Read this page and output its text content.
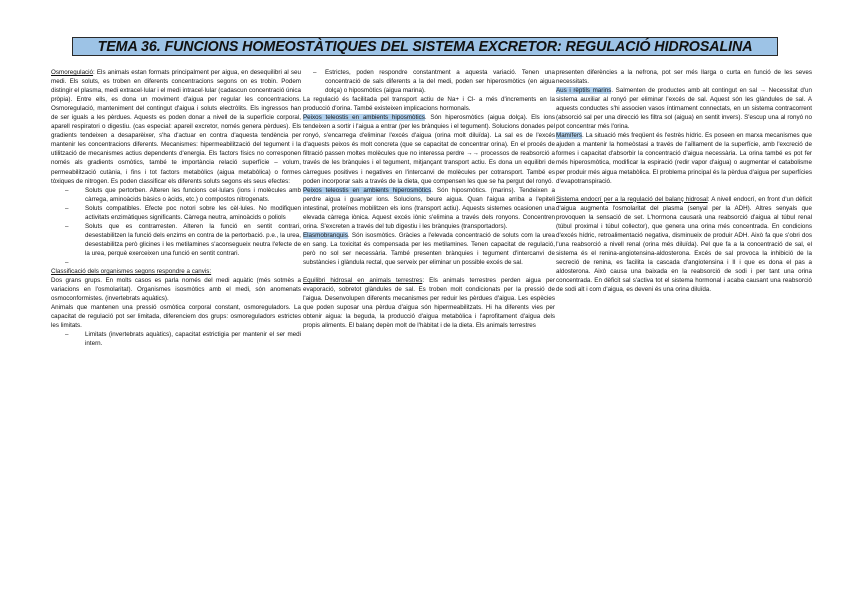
TEMA 36. FUNCIONS HOMEOSTÀTIQUES DEL SISTEMA EXCRETOR: REGULACIÓ HIDROSALINA

Osmoregulació: Els animals estan formats principalment per aigua, en desequilibri al seu medi. Els soluts, es troben en diferents concentracions segons on es trobin. Podem distingir el plasma, medi extracel·lular i el medi intracel·lular (cadascun concentració única pròpia). Entre ells, es dona un moviment d'aigua per regular les concentracions. Osmoregulació, manteniment del contingut d'aigua i soluts electròlits. Els ingressos han de ser iguals a les pèrdues. Aquests es poden donar a nivell de la superfície corporal, aparell respiratori o digestiu. (cas especial: apareil excretor, només genera pèrdues). Els gradients tendeixen a desaparèixer, s'ha d'actuar en contra d'aquesta tendència per mantenir les concentracions diferents. Mecanismes: hipermeabilització del tegument i la utilització de mecanismes actius dependents d'energia. Els factors físics no corresponen només als gradients osmòtics, també te importància relació superfície – volum, permeabilització cutània, i fins i tot factors metabòlics (aigua metabòlica) o formes tòxiques de nitrogen. Es poden classificar els diferents soluts segons els seus efectes:

– Soluts que pertorben. Alteren les funcions cel·lulars (ions i molècules amb càrrega, aminoàcids bàsics o àcids, etc.) o compostos nitrogenats.
– Soluts compatibles. Efecte poc notori sobre les cèl·lules. No modifiquen activitats enzimàtiques significants. Càrrega neutra, aminoàcids o poliols
– Soluts que es contrarresten. Alteren la funció en sentit contrari, desestabilitzen la funció dels enzims en contra de la pertorbació. p.e., la urea, desestabilitza però glicines i les metilamines s'aconsegueix neutra l'efecte de la urea, perquè exerceixen una funció en sentit contrari.
–

Classificació dels organismes segons respondre a canvis:

Dos grans grups. En molts casos es parla només del medi aquàtic (més sotmès a variacions en l'osmolaritat). Organismes isosmòtics amb el medi, són anomenats osmoconformistes. (invertebrats aquàtics).

Animals que mantenen una pressió osmòtica corporal constant, osmoreguladors. La capacitat de regulació pot ser limitada, diferenciem dos grups: osmoreguladors estrictes les limitats.

– Limitats (invertebrats aquàtics), capacitat estrictigia per mantenir el ser medi intern.
– Estrictes, poden respondre constantment a aquesta variació. Tenen una concentració de sals diferents a la del medi, poden ser hiperosmòtics (en aigua dolça) o hiposmòtics (aigua marina).

La regulació és facilitada pel transport actiu de Na+ i Cl- a més d'increments en la producció d'orina. També existeixen implicacions hormonals.

Peixos teleostis en ambients hiposmòtics. Són hiperosmòtics (aigua dolça). Els ions tendeixen a sortir i l'aigua a entrar (per les brànquies i el tegument). Solucions donades pel ronyó, s'encarrega d'eliminar l'excés d'aigua (orina molt diluïda). La sal es de l'excés d'aquests peixos és molt concreta (que se capacitat de concentrar orina). En el procés de filtració passen moltes molècules que no interessa perdre →→ processos de reabsorció a través de les brànquies i el tegument, mitjançant transport actiu. Es dona un equilibri de càrregues positives i negatives en l'intercanvi de molècules per cotransport. També es poden incorporar sals a través de la dieta, que compensen les que se ha pergut del ronyó.

Peixos teleostis en ambients hiperosmòtics. Són hiposmòtics. (marins). Tendeixen a perdre aigua i guanyar ions. Solucions, beure aigua. Quan l'aigua arriba a l'epiteli intestinal, proteïnes mobilitzen els ions (transport actiu). Aquests sistemes ocasionen una elevada càrrega iònica. Aquest excés iònic s'elimina a través dels ronyons. Concentren orina. S'excreten a través del tub digestiu i les brànquies (transportadors).

Elasmobranquis. Són isosmòtics. Gràcies a l'elevada concentració de soluts com la urea en sang. La toxicitat és compensada per les metilamines. Tenen capacitat de regulació, però no sol ser necessària. També presenten brànquies i tegument d'intercanvi de substàncies i glàndula rectal, que serveix per eliminar un possible excés de sal.

Equilibri hidrosal en animals terrestres: Els animals terrestres perden aigua per evaporació, sobretot glàndules de sal. Es troben molt condicionats per la pressió de l'aigua. Desenvolupen diferents mecanismes per reduir les pèrdues d'aigua. Les espècies que poden suposar una pèrdua d'aigua són hipermeabilitzats. Hi ha diferents vies per obtenir aigua: la beguda, la producció d'aigua metabòlica i l'aprofitament d'aigua dels propis aliments. El balanç depèn molt de l'hàbitat i de la dieta. Els animals terrestres

presenten diferències a la nefrona, pot ser més llarga o curta en funció de les seves necessitats.

Aus i rèptils marins. Salmenten de productes amb alt contingut en sal → Necessitat d'un sistema auxiliar al ronyó per eliminar l'excés de sal. Aquest són les glàndules de sal. A aquests conductes s'hi associen vasos íntimament connectats, en un sistema contracorrent (absorció sal per una direcció les filtra sol (aigua) en sentit invers). S'escup una al ronyó no pot concentrar més l'orina.

Mamífers. La situació més freqüent és l'estrès hídric. Es poseen en marxa mecanismes que ajuden a mantenir la homeòstasi a través de l'aïllament de la superfície, amb l'excreció de formes i capacitat d'absorbir la concentració d'aigua necessària. La orina també es pot fer més hiperosmòtica, modificar la espiració (redir vapor d'aigua) o augmentar el catabolisme per produir més aigua metabòlica. El problema principal és la pèrdua d'aigua per superfícies d'evapotranspiració.

Sistema endocrí per a la regulació del balanç hidrosal: A nivell endocrí, en front d'un dèficit d'aigua augmenta l'osmolaritat del plasma (senyal per la ADH). Altres senyals que provoquen la sensació de set. L'hormona causarà una reabsorció d'aigua al túbul renal (túbul proximal i túbul collector), que genera una orina més concentrada. En condicions d'excés hídric, retroalimentació negativa, disminueix de produir ADH. Això fa que s'obri dos l'una reabsorció a nivell renal (orina més diluïda). Pel que fa a la concentració de sal, el sistema és el renina-angiotensina-aldosterona. Excés de sal provoca la inhibició de la secreció de renina, es facilita la cascada d'angiotensina i II i que es dona el pas a aldosterona. Això causa una baixada en la reabsorció de sodi i per tant una orina concentrada. En dèficit sal s'activa tot el sistema hormonal i acaba causant una reabsorció de sodi alt i com d'aigua, es deveni és una orina diluïda.
